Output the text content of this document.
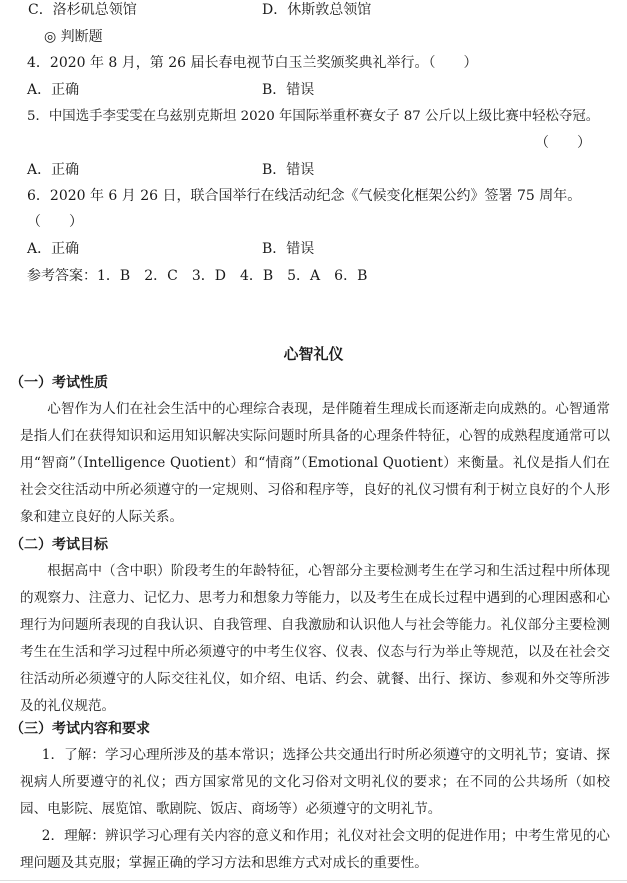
C．洛杉矶总领馆	D．休斯敦总领馆
◎ 判断题
4．2020 年 8 月，第 26 届长春电视节白玉兰奖颁奖典礼举行。（　　）
A．正确	B．错误
5．中国选手李雯雯在乌兹别克斯坦 2020 年国际举重杯赛女子 87 公斤以上级比赛中轻松夺冠。
（　　）
A．正确	B．错误
6．2020 年 6 月 26 日，联合国举行在线活动纪念《气候变化框架公约》签署 75 周年。
（　　）
A．正确	B．错误
参考答案：1．B　2．C　3．D　4．B　5．A　6．B
心智礼仪
（一）考试性质
心智作为人们在社会生活中的心理综合表现，是伴随着生理成长而逐渐走向成熟的。心智通常是指人们在获得知识和运用知识解决实际问题时所具备的心理条件特征，心智的成熟程度通常可以用“智商”（Intelligence Quotient）和“情商”（Emotional Quotient）来衡量。礼仪是指人们在社会交往活动中所必须遵守的一定规则、习俗和程序等，良好的礼仪习惯有利于树立良好的个人形象和建立良好的人际关系。
（二）考试目标
根据高中（含中职）阶段考生的年龄特征，心智部分主要检测考生在学习和生活过程中所体现的观察力、注意力、记忆力、思考力和想象力等能力，以及考生在成长过程中遇到的心理困惑和心理行为问题所表现的自我认识、自我管理、自我激励和认识他人与社会等能力。礼仪部分主要检测考生在生活和学习过程中所必须遵守的中考生仪容、仪表、仪态与行为举止等规范，以及在社会交往活动所必须遵守的人际交往礼仪，如介绍、电话、约会、就餐、出行、探访、参观和外交等所涉及的礼仪规范。
（三）考试内容和要求
1．了解：学习心理所涉及的基本常识；选择公共交通出行时所必须遵守的文明礼节；宴请、探视病人所要遵守的礼仪；西方国家常见的文化习俗对文明礼仪的要求；在不同的公共场所（如校园、电影院、展览馆、歌剧院、饭店、商场等）必须遵守的文明礼节。
2．理解：辨识学习心理有关内容的意义和作用；礼仪对社会文明的促进作用；中考生常见的心理问题及其克服；掌握正确的学习方法和思维方式对成长的重要性。
